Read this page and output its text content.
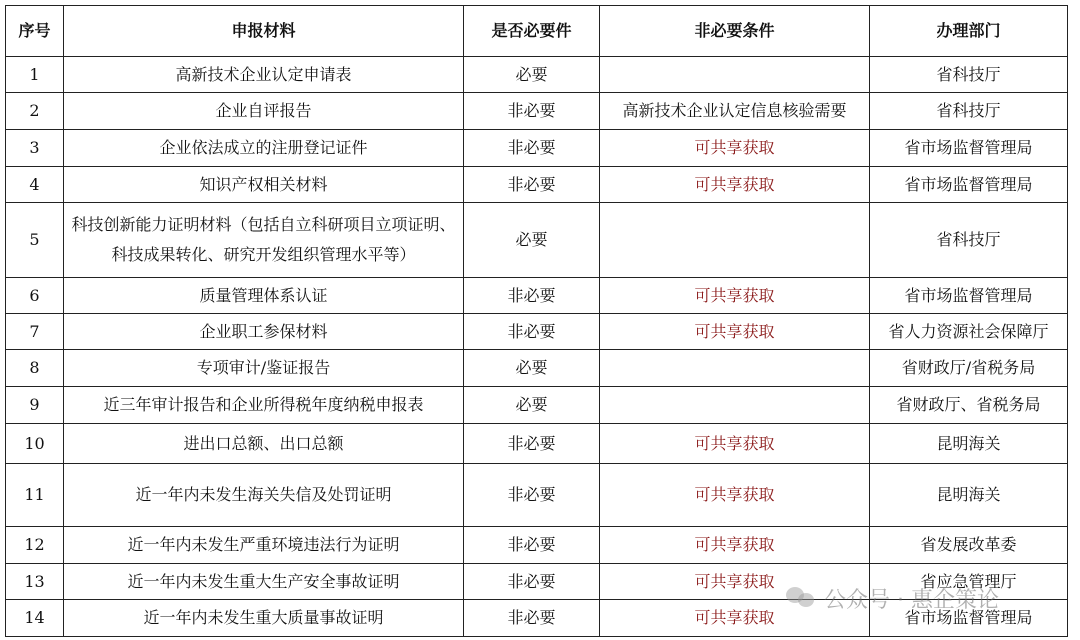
序号	申报材料	是否必要件	非必要条件	办理部门
1	高新技术企业认定申请表	必要		省科技厅
2	企业自评报告	非必要	高新技术企业认定信息核验需要	省科技厅
3	企业依法成立的注册登记证件	非必要	可共享获取	省市场监督管理局
4	知识产权相关材料	非必要	可共享获取	省市场监督管理局
5	科技创新能力证明材料（包括自立科研项目立项证明、科技成果转化、研究开发组织管理水平等）	必要		省科技厅
6	质量管理体系认证	非必要	可共享获取	省市场监督管理局
7	企业职工参保材料	非必要	可共享获取	省人力资源社会保障厅
8	专项审计/鉴证报告	必要		省财政厅/省税务局
9	近三年审计报告和企业所得税年度纳税申报表	必要		省财政厅、省税务局
10	进出口总额、出口总额	非必要	可共享获取	昆明海关
11	近一年内未发生海关失信及处罚证明	非必要	可共享获取	昆明海关
12	近一年内未发生严重环境违法行为证明	非必要	可共享获取	省发展改革委
13	近一年内未发生重大生产安全事故证明	非必要	可共享获取	省应急管理厅
14	近一年内未发生重大质量事故证明	非必要	可共享获取	省市场监督管理局
公众号 · 惠企策论
